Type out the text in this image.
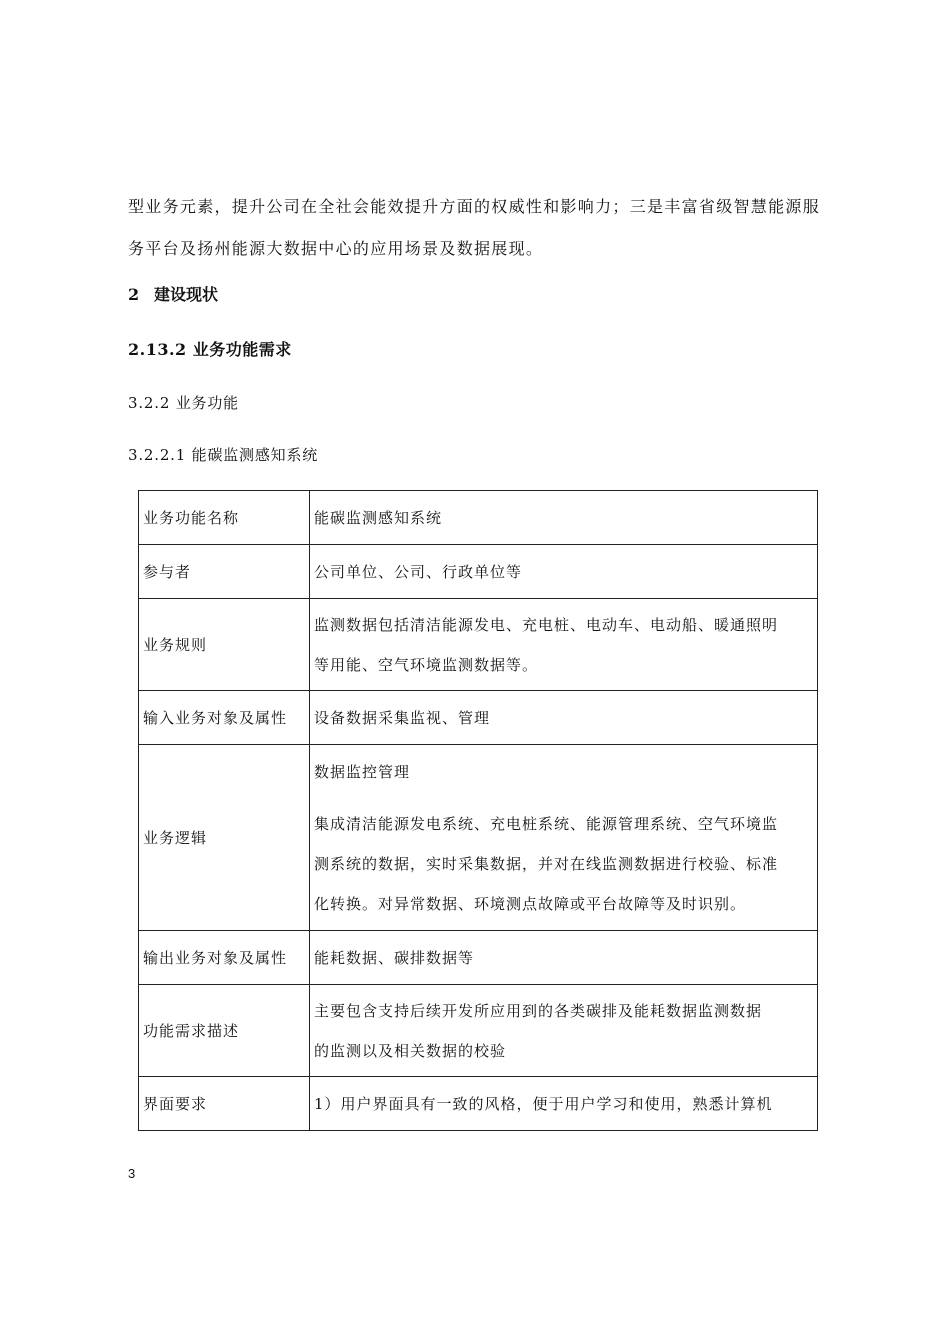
型业务元素，提升公司在全社会能效提升方面的权威性和影响力；三是丰富省级智慧能源服
务平台及扬州能源大数据中心的应用场景及数据展现。

2 建设现状
2.13.2 业务功能需求
3.2.2 业务功能
3.2.2.1 能碳监测感知系统
业务功能名称	能碳监测感知系统

参与者	公司单位、公司、行政单位等

业务规则	监测数据包括清洁能源发电、充电桩、电动车、电动船、暖通照明
等用能、空气环境监测数据等。

输入业务对象及属性	设备数据采集监视、管理

业务逻辑	数据监控管理
集成清洁能源发电系统、充电桩系统、能源管理系统、空气环境监
测系统的数据，实时采集数据，并对在线监测数据进行校验、标准
化转换。对异常数据、环境测点故障或平台故障等及时识别。

输出业务对象及属性	能耗数据、碳排数据等

功能需求描述	主要包含支持后续开发所应用到的各类碳排及能耗数据监测数据
的监测以及相关数据的校验

界面要求	1）用户界面具有一致的风格，便于用户学习和使用，熟悉计算机
3
